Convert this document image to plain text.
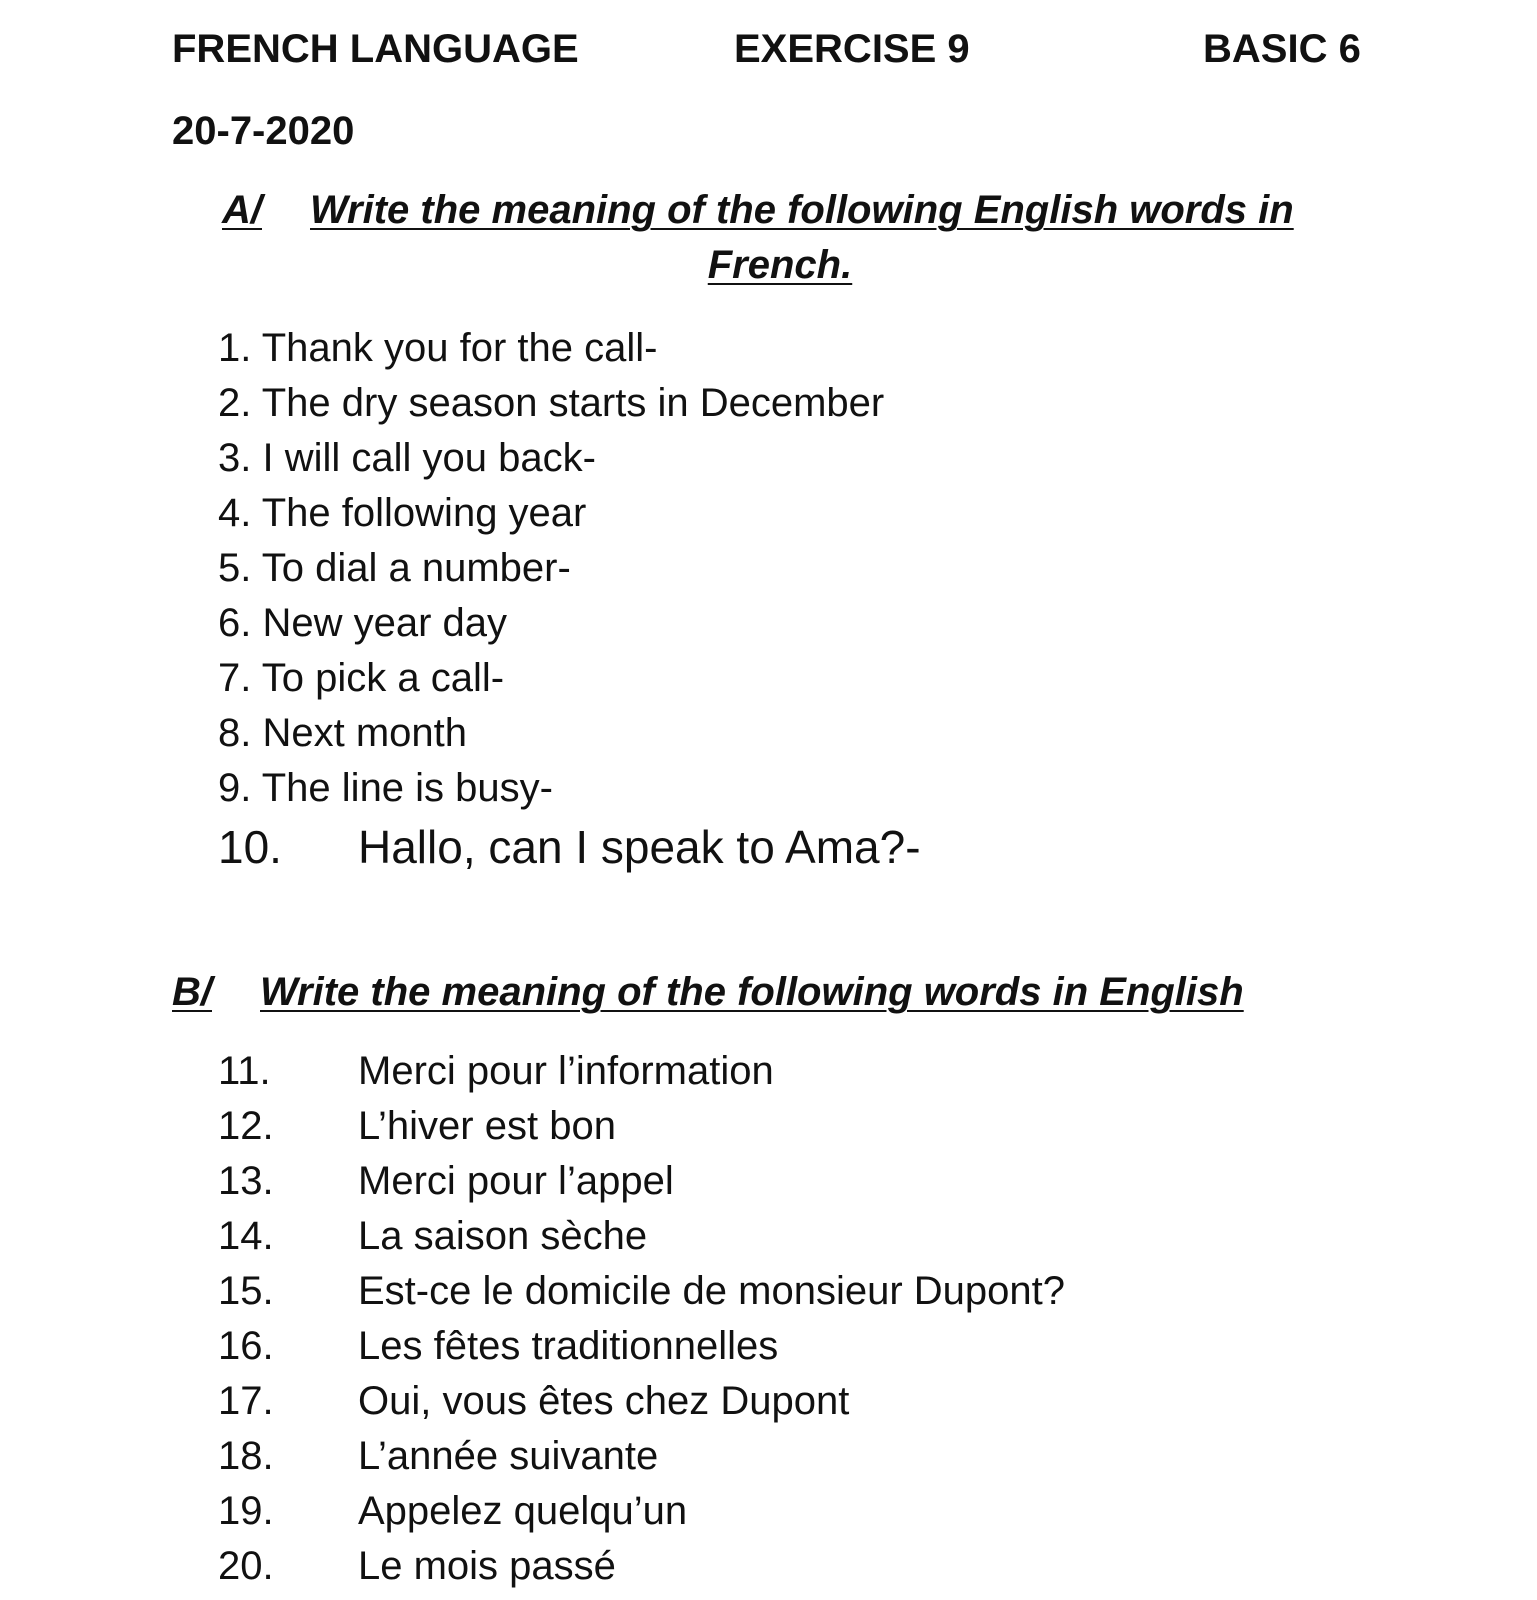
FRENCH LANGUAGE	EXERCISE 9	BASIC 6
20-7-2020
A/ Write the meaning of the following English words in
French.
1. Thank you for the call-
2. The dry season starts in December
3. I will call you back-
4. The following year
5. To dial a number-
6. New year day
7. To pick a call-
8. Next month
9. The line is busy-
10. Hallo, can I speak to Ama?-
B/ Write the meaning of the following words in English
11. Merci pour l’information
12. L’hiver est bon
13. Merci pour l’appel
14. La saison sèche
15. Est-ce le domicile de monsieur Dupont?
16. Les fêtes traditionnelles
17. Oui, vous êtes chez Dupont
18. L’année suivante
19. Appelez quelqu’un
20. Le mois passé
